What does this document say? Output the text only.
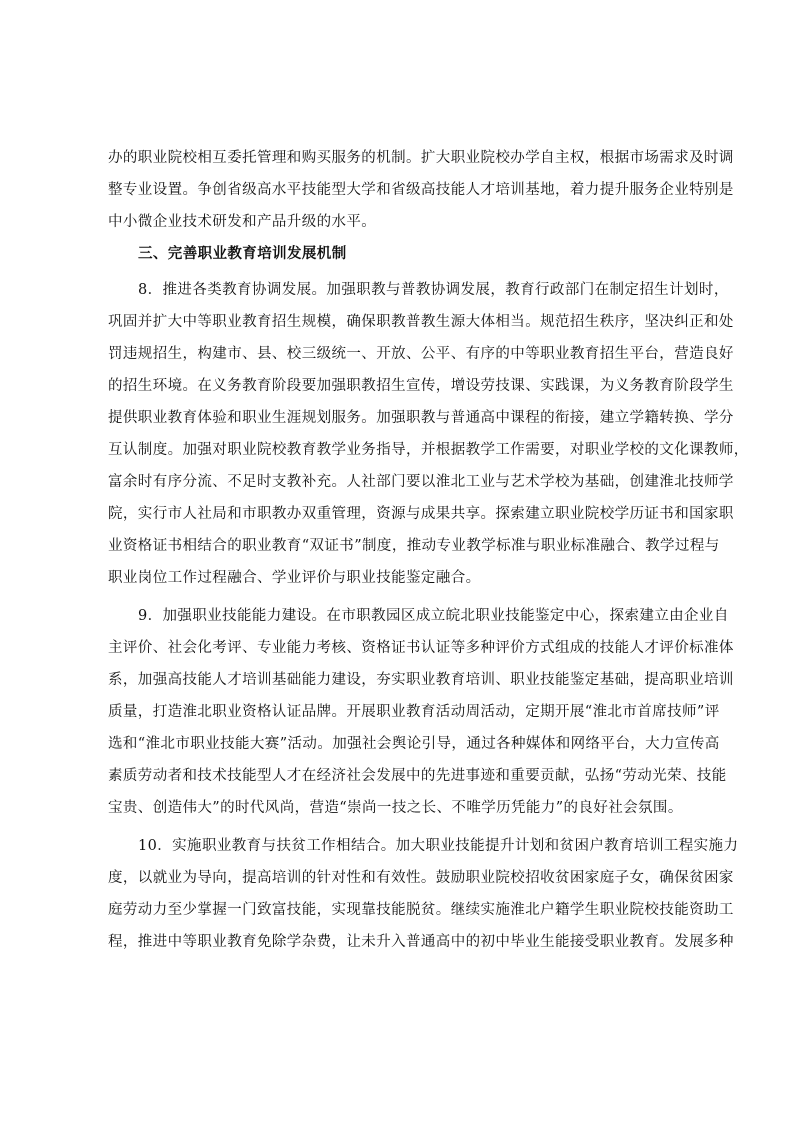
办的职业院校相互委托管理和购买服务的机制。扩大职业院校办学自主权，根据市场需求及时调
整专业设置。争创省级高水平技能型大学和省级高技能人才培训基地，着力提升服务企业特别是
中小微企业技术研发和产品升级的水平。
三、完善职业教育培训发展机制
8．推进各类教育协调发展。加强职教与普教协调发展，教育行政部门在制定招生计划时，
巩固并扩大中等职业教育招生规模，确保职教普教生源大体相当。规范招生秩序，坚决纠正和处
罚违规招生，构建市、县、校三级统一、开放、公平、有序的中等职业教育招生平台，营造良好
的招生环境。在义务教育阶段要加强职教招生宣传，增设劳技课、实践课，为义务教育阶段学生
提供职业教育体验和职业生涯规划服务。加强职教与普通高中课程的衔接，建立学籍转换、学分
互认制度。加强对职业院校教育教学业务指导，并根据教学工作需要，对职业学校的文化课教师，
富余时有序分流、不足时支教补充。人社部门要以淮北工业与艺术学校为基础，创建淮北技师学
院，实行市人社局和市职教办双重管理，资源与成果共享。探索建立职业院校学历证书和国家职
业资格证书相结合的职业教育“双证书”制度，推动专业教学标准与职业标准融合、教学过程与
职业岗位工作过程融合、学业评价与职业技能鉴定融合。
9．加强职业技能能力建设。在市职教园区成立皖北职业技能鉴定中心，探索建立由企业自
主评价、社会化考评、专业能力考核、资格证书认证等多种评价方式组成的技能人才评价标准体
系，加强高技能人才培训基础能力建设，夯实职业教育培训、职业技能鉴定基础，提高职业培训
质量，打造淮北职业资格认证品牌。开展职业教育活动周活动，定期开展“淮北市首席技师”评
选和“淮北市职业技能大赛”活动。加强社会舆论引导，通过各种媒体和网络平台，大力宣传高
素质劳动者和技术技能型人才在经济社会发展中的先进事迹和重要贡献，弘扬“劳动光荣、技能
宝贵、创造伟大”的时代风尚，营造“崇尚一技之长、不唯学历凭能力”的良好社会氛围。
10．实施职业教育与扶贫工作相结合。加大职业技能提升计划和贫困户教育培训工程实施力
度，以就业为导向，提高培训的针对性和有效性。鼓励职业院校招收贫困家庭子女，确保贫困家
庭劳动力至少掌握一门致富技能，实现靠技能脱贫。继续实施淮北户籍学生职业院校技能资助工
程，推进中等职业教育免除学杂费，让未升入普通高中的初中毕业生能接受职业教育。发展多种
